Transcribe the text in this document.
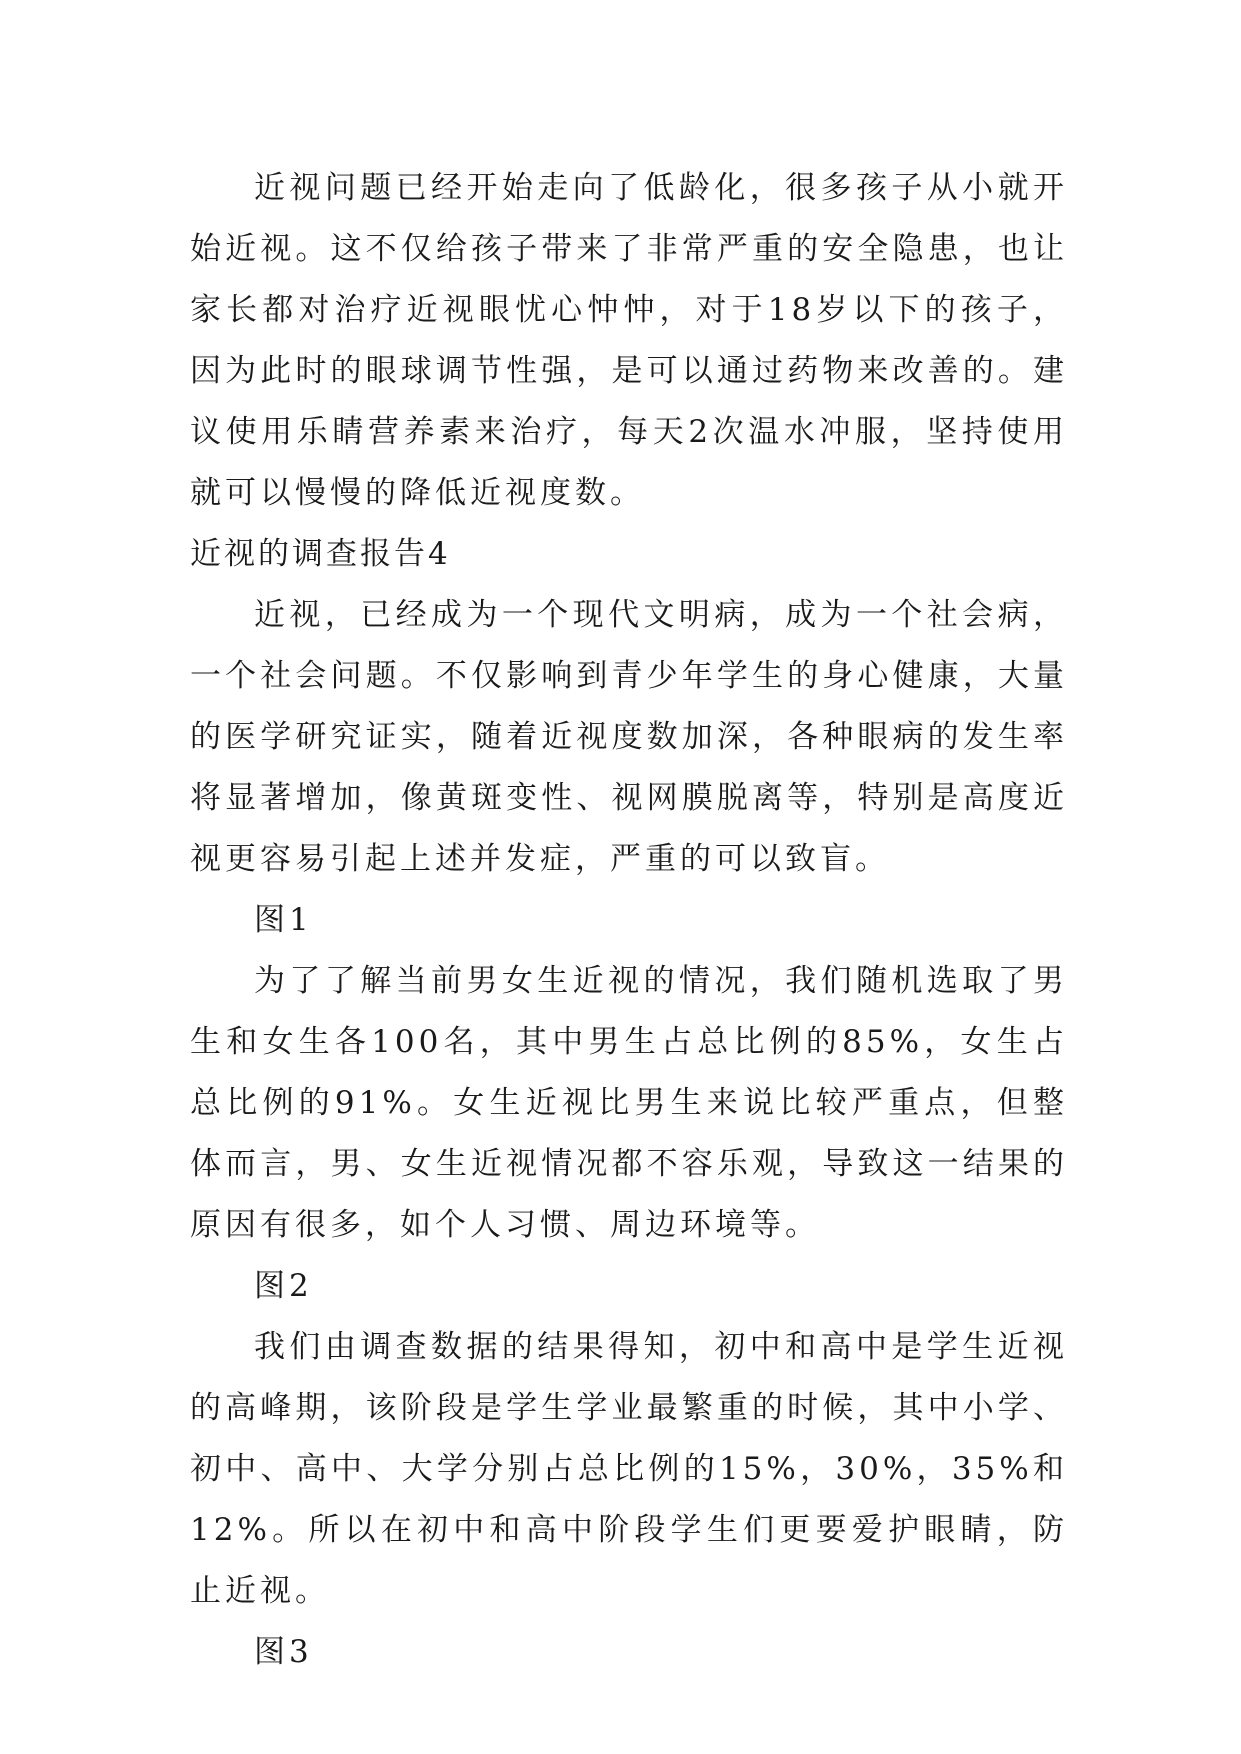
近视问题已经开始走向了低龄化，很多孩子从小就开始近视。这不仅给孩子带来了非常严重的安全隐患，也让家长都对治疗近视眼忧心忡忡，对于18岁以下的孩子，因为此时的眼球调节性强，是可以通过药物来改善的。建议使用乐睛营养素来治疗，每天2次温水冲服，坚持使用就可以慢慢的降低近视度数。

近视的调查报告4

近视，已经成为一个现代文明病，成为一个社会病，一个社会问题。不仅影响到青少年学生的身心健康，大量的医学研究证实，随着近视度数加深，各种眼病的发生率将显著增加，像黄斑变性、视网膜脱离等，特别是高度近视更容易引起上述并发症，严重的可以致盲。

图1

为了了解当前男女生近视的情况，我们随机选取了男生和女生各100名，其中男生占总比例的85%，女生占总比例的91%。女生近视比男生来说比较严重点，但整体而言，男、女生近视情况都不容乐观，导致这一结果的原因有很多，如个人习惯、周边环境等。

图2

我们由调查数据的结果得知，初中和高中是学生近视的高峰期，该阶段是学生学业最繁重的时候，其中小学、初中、高中、大学分别占总比例的15%，30%，35%和12%。所以在初中和高中阶段学生们更要爱护眼睛，防止近视。

图3
